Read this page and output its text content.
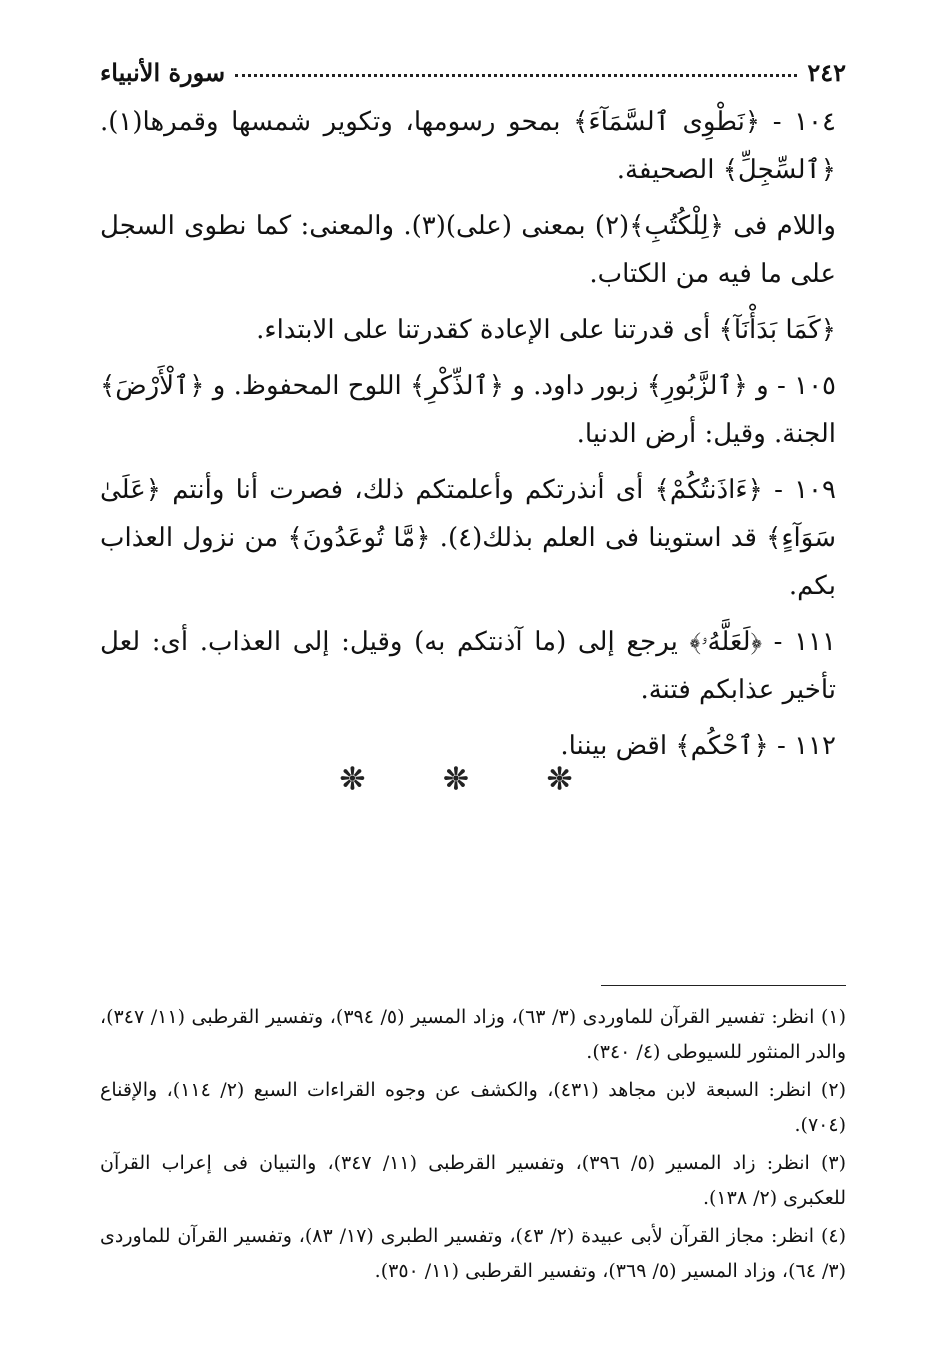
٢٤٢
سورة الأنبياء

١٠٤ - ﴿نَطْوِى ٱلسَّمَآءَ﴾ بمحو رسومها، وتكوير شمسها وقمرها(١). ﴿ٱلسِّجِلِّ﴾ الصحيفة.

واللام فى ﴿لِلْكُتُبِ﴾(٢) بمعنى (على)(٣). والمعنى: كما نطوى السجل على ما فيه من الكتاب.

﴿كَمَا بَدَأْنَآ﴾ أى قدرتنا على الإعادة كقدرتنا على الابتداء.

١٠٥ - و ﴿ٱلزَّبُورِ﴾ زبور داود. و ﴿ٱلذِّكْرِ﴾ اللوح المحفوظ. و ﴿ٱلْأَرْضَ﴾ الجنة. وقيل: أرض الدنيا.

١٠٩ - ﴿ءَاذَنتُكُمْ﴾ أى أنذرتكم وأعلمتكم ذلك، فصرت أنا وأنتم ﴿عَلَىٰ سَوَآءٍ﴾ قد استوينا فى العلم بذلك(٤). ﴿مَّا تُوعَدُونَ﴾ من نزول العذاب بكم.

١١١ - ﴿لَعَلَّهُۥ﴾ يرجع إلى (ما آذنتكم به) وقيل: إلى العذاب. أى: لعل تأخير عذابكم فتنة.

١١٢ - ﴿ٱحْكُم﴾ اقض بيننا.

❊ ❊ ❊

(١) انظر: تفسير القرآن للماوردى (٣/ ٦٣)، وزاد المسير (٥/ ٣٩٤)، وتفسير القرطبى (١١/ ٣٤٧)، والدر المنثور للسيوطى (٤/ ٣٤٠).

(٢) انظر: السبعة لابن مجاهد (٤٣١)، والكشف عن وجوه القراءات السبع (٢/ ١١٤)، والإقناع (٧٠٤).

(٣) انظر: زاد المسير (٥/ ٣٩٦)، وتفسير القرطبى (١١/ ٣٤٧)، والتبيان فى إعراب القرآن للعكبرى (٢/ ١٣٨).

(٤) انظر: مجاز القرآن لأبى عبيدة (٢/ ٤٣)، وتفسير الطبرى (١٧/ ٨٣)، وتفسير القرآن للماوردى (٣/ ٦٤)، وزاد المسير (٥/ ٣٦٩)، وتفسير القرطبى (١١/ ٣٥٠).
